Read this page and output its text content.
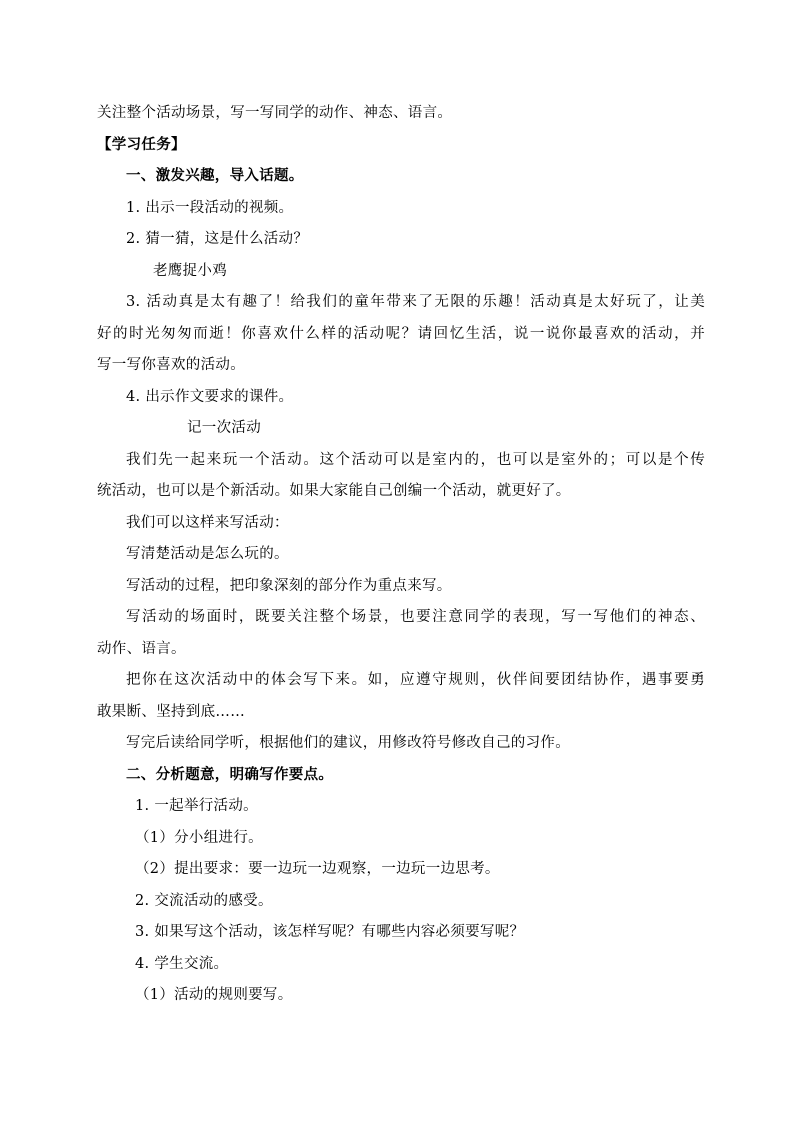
关注整个活动场景，写一写同学的动作、神态、语言。
【学习任务】
一、激发兴趣，导入话题。
1. 出示一段活动的视频。
2. 猜一猜，这是什么活动？
老鹰捉小鸡
3. 活动真是太有趣了！给我们的童年带来了无限的乐趣！活动真是太好玩了，让美
好的时光匆匆而逝！你喜欢什么样的活动呢？请回忆生活，说一说你最喜欢的活动，并
写一写你喜欢的活动。
4. 出示作文要求的课件。
记一次活动
我们先一起来玩一个活动。这个活动可以是室内的，也可以是室外的；可以是个传
统活动，也可以是个新活动。如果大家能自己创编一个活动，就更好了。
我们可以这样来写活动：
写清楚活动是怎么玩的。
写活动的过程，把印象深刻的部分作为重点来写。
写活动的场面时，既要关注整个场景，也要注意同学的表现，写一写他们的神态、
动作、语言。
把你在这次活动中的体会写下来。如，应遵守规则，伙伴间要团结协作，遇事要勇
敢果断、坚持到底……
写完后读给同学听，根据他们的建议，用修改符号修改自己的习作。
二、分析题意，明确写作要点。
1. 一起举行活动。
（1）分小组进行。
（2）提出要求：要一边玩一边观察，一边玩一边思考。
2. 交流活动的感受。
3. 如果写这个活动，该怎样写呢？有哪些内容必须要写呢？
4. 学生交流。
（1）活动的规则要写。
